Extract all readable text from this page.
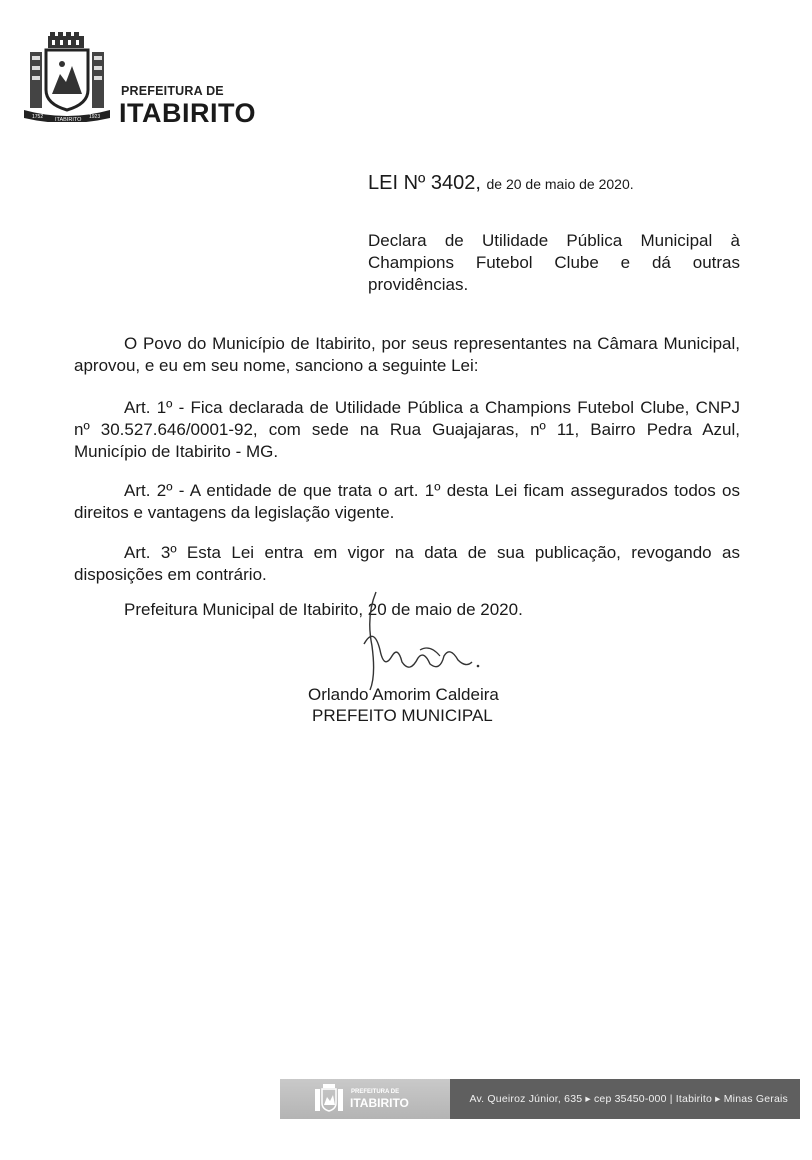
1752 ITABIRITO 1923
PREFEITURA DE
ITABIRITO
LEI Nº 3402, de 20 de maio de 2020.
Declara de Utilidade Pública Municipal à
Champions Futebol Clube e dá outras providências.
O Povo do Município de Itabirito, por seus representantes na Câmara Municipal, aprovou, e eu em seu nome, sanciono a seguinte Lei:
Art. 1º - Fica declarada de Utilidade Pública a Champions Futebol Clube, CNPJ nº 30.527.646/0001-92, com sede na Rua Guajajaras, nº 11, Bairro Pedra Azul, Município de Itabirito - MG.
Art. 2º - A entidade de que trata o art. 1º desta Lei ficam assegurados todos os direitos e vantagens da legislação vigente.
Art. 3º Esta Lei entra em vigor na data de sua publicação, revogando as disposições em contrário.
Prefeitura Municipal de Itabirito, 20 de maio de 2020.
Orlando Amorim Caldeira
PREFEITO MUNICIPAL
PREFEITURA DE
ITABIRITO	Av. Queiroz Júnior, 635 ▸ cep 35450-000 | Itabirito ▸ Minas Gerais
